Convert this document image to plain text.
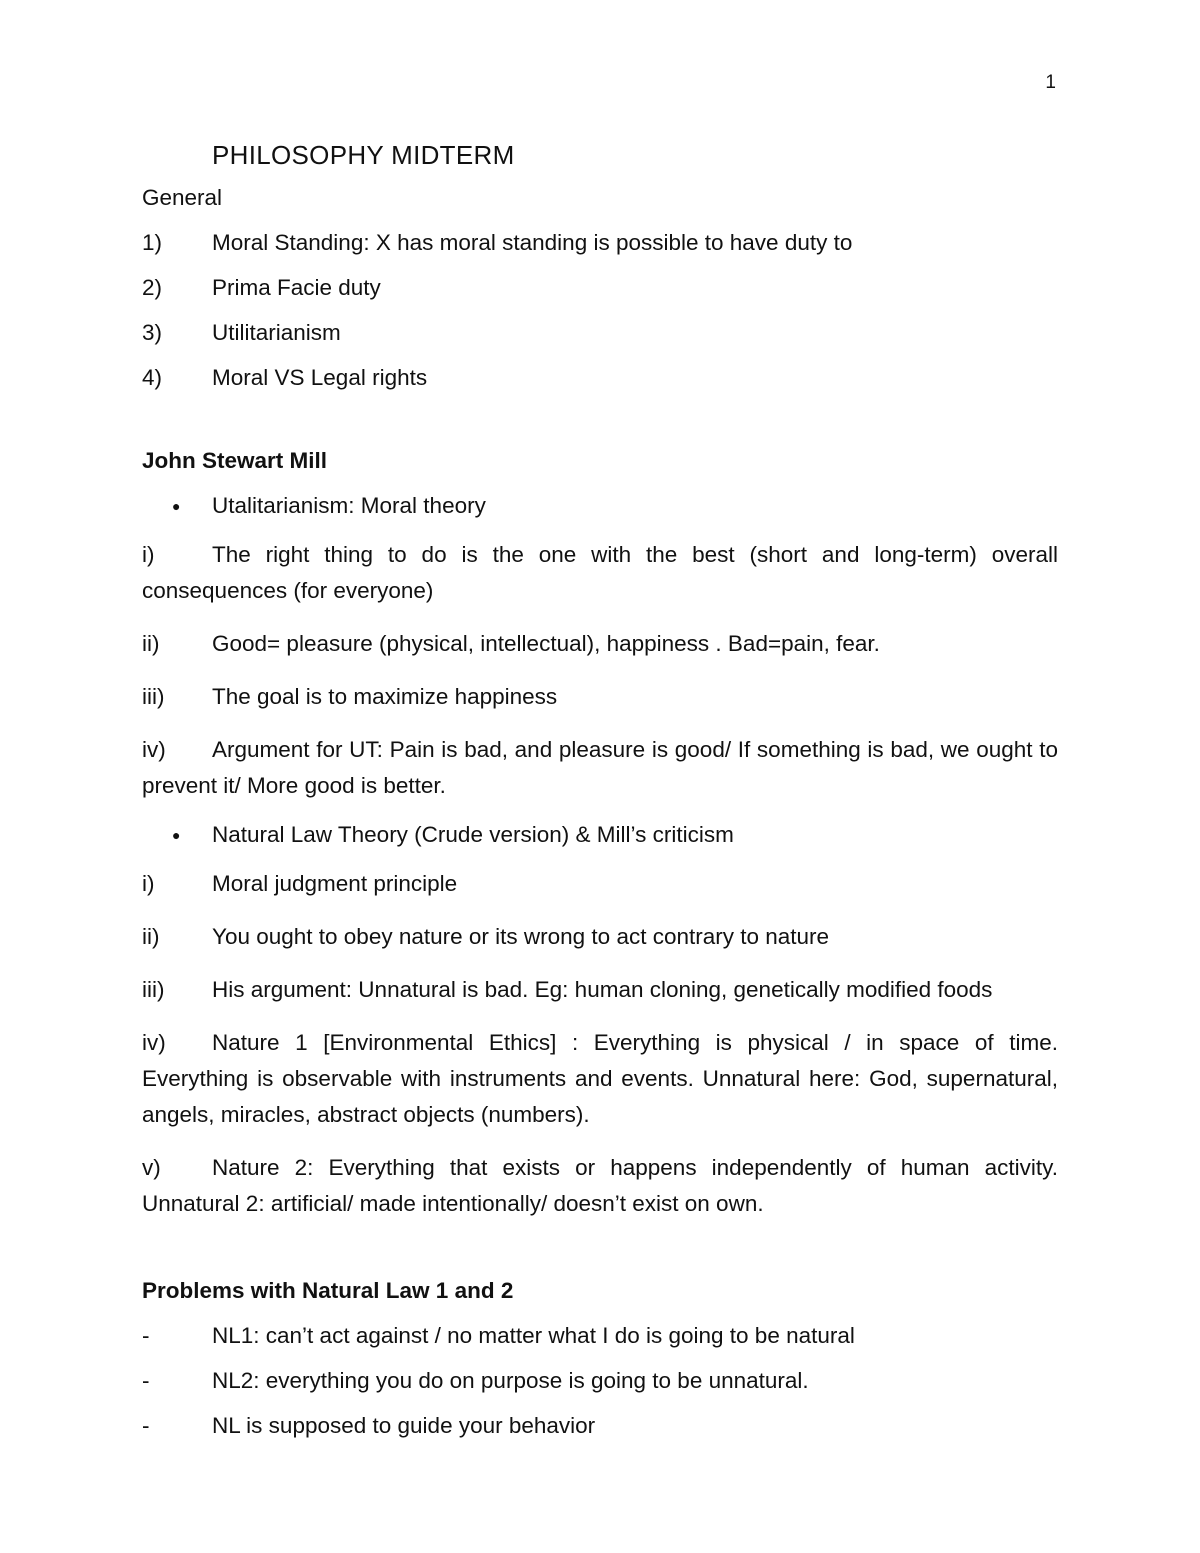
1
PHILOSOPHY MIDTERM
General
1)	Moral Standing: X has moral standing is possible to have duty to
2)	Prima Facie duty
3)	Utilitarianism
4)	Moral VS Legal rights
John Stewart Mill
●	Utalitarianism: Moral theory
i)	The right thing to do is the one with the best (short and long-term) overall consequences (for everyone)
ii) Good= pleasure (physical, intellectual), happiness . Bad=pain, fear.
iii) The goal is to maximize happiness
iv) Argument for UT: Pain is bad, and pleasure is good/ If something is bad, we ought to prevent it/ More good is better.
●	Natural Law Theory (Crude version) & Mill’s criticism
i)	Moral judgment principle
ii) You ought to obey nature or its wrong to act contrary to nature
iii) His argument: Unnatural is bad. Eg: human cloning, genetically modified foods
iv) Nature 1 [Environmental Ethics] : Everything is physical / in space of time. Everything is observable with instruments and events. Unnatural here: God, supernatural, angels, miracles, abstract objects (numbers).
v) Nature 2: Everything that exists or happens independently of human activity. Unnatural 2: artificial/ made intentionally/ doesn’t exist on own.
Problems with Natural Law 1 and 2
-	NL1: can’t act against / no matter what I do is going to be natural
-	NL2: everything you do on purpose is going to be unnatural.
-	NL is supposed to guide your behavior
